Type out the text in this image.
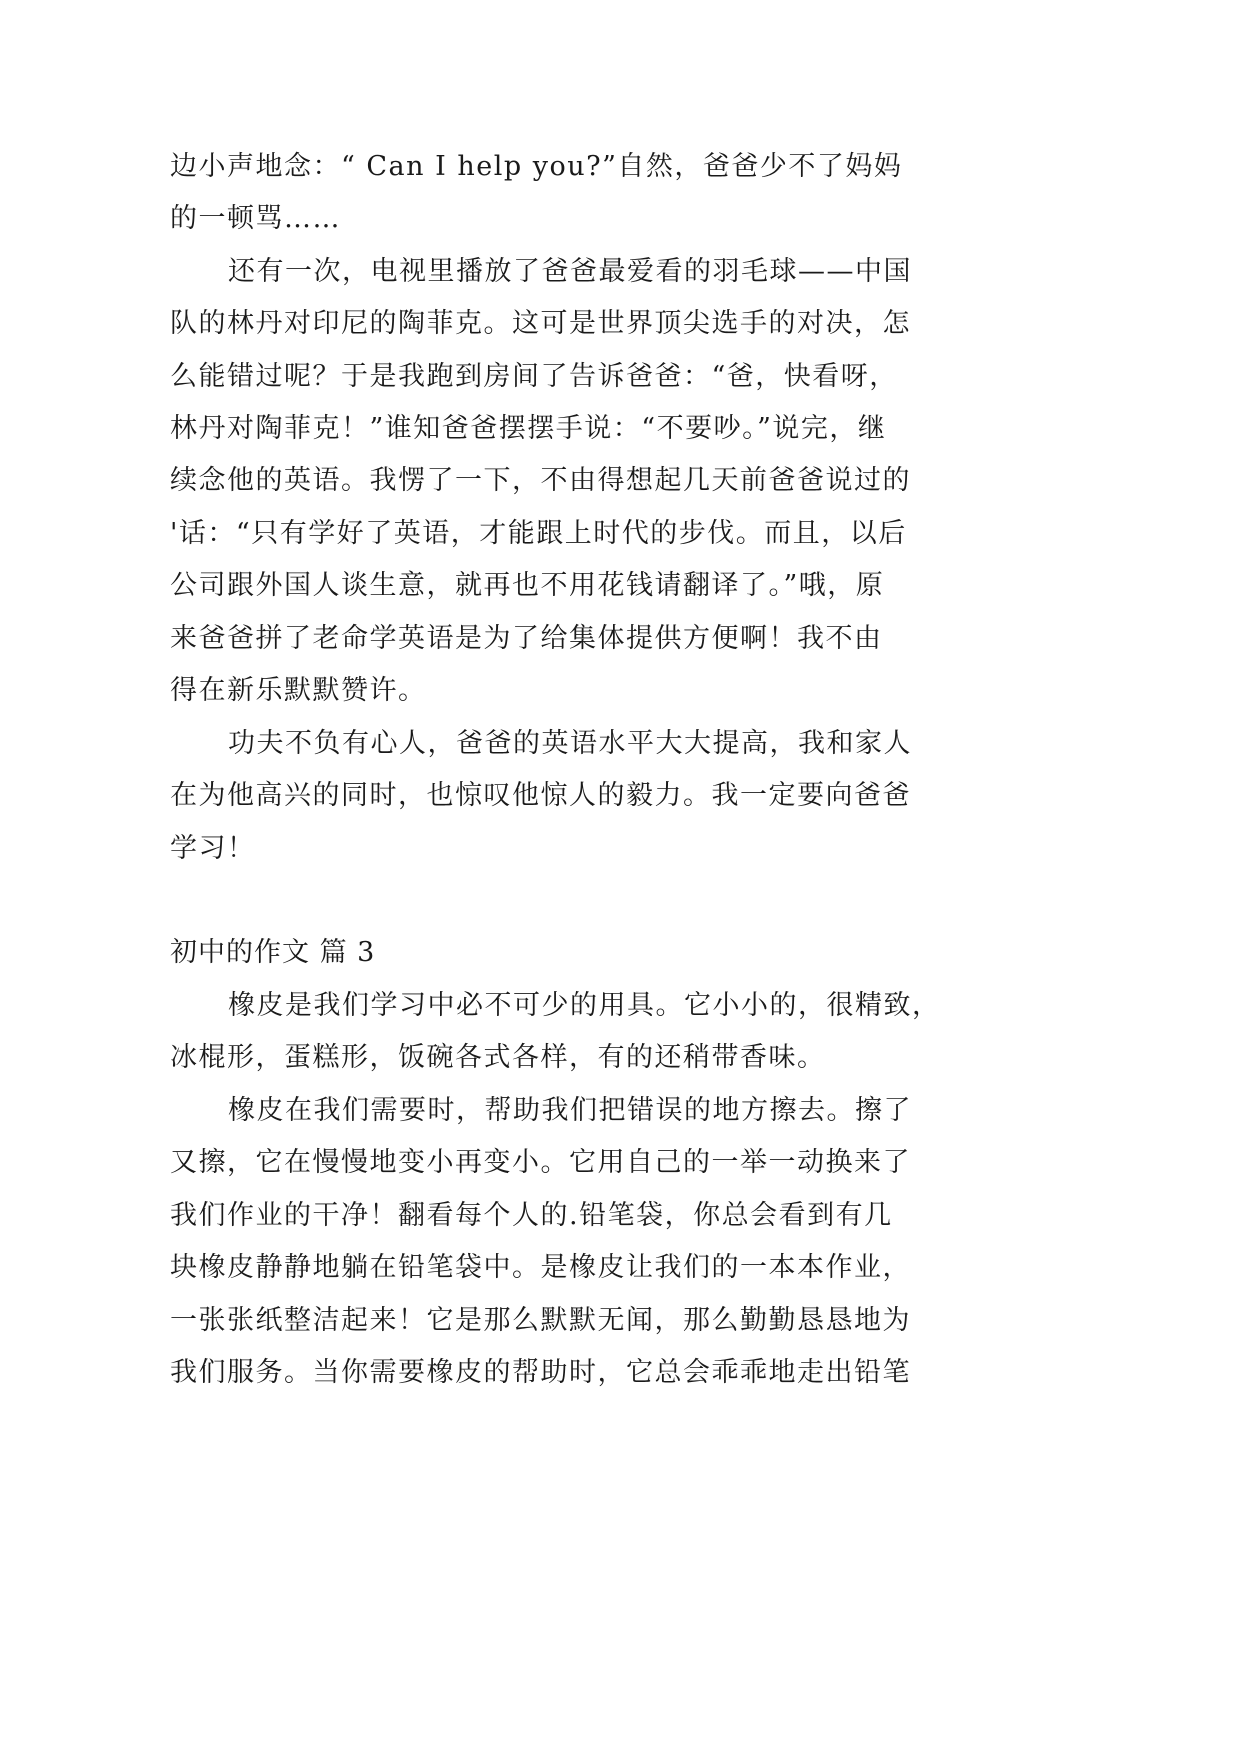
边小声地念：“ Can I help you?”自然，爸爸少不了妈妈

的一顿骂……

还有一次，电视里播放了爸爸最爱看的羽毛球——中国

队的林丹对印尼的陶菲克。这可是世界顶尖选手的对决，怎

么能错过呢？于是我跑到房间了告诉爸爸：“爸，快看呀，

林丹对陶菲克！”谁知爸爸摆摆手说：“不要吵。”说完，继

续念他的英语。我愣了一下，不由得想起几天前爸爸说过的

'话：“只有学好了英语，才能跟上时代的步伐。而且，以后

公司跟外国人谈生意，就再也不用花钱请翻译了。”哦，原

来爸爸拼了老命学英语是为了给集体提供方便啊！我不由

得在新乐默默赞许。

功夫不负有心人，爸爸的英语水平大大提高，我和家人

在为他高兴的同时，也惊叹他惊人的毅力。我一定要向爸爸

学习！

初中的作文 篇 3

橡皮是我们学习中必不可少的用具。它小小的，很精致，

冰棍形，蛋糕形，饭碗各式各样，有的还稍带香味。

橡皮在我们需要时，帮助我们把错误的地方擦去。擦了

又擦，它在慢慢地变小再变小。它用自己的一举一动换来了

我们作业的干净！翻看每个人的.铅笔袋，你总会看到有几

块橡皮静静地躺在铅笔袋中。是橡皮让我们的一本本作业，

一张张纸整洁起来！它是那么默默无闻，那么勤勤恳恳地为

我们服务。当你需要橡皮的帮助时，它总会乖乖地走出铅笔
